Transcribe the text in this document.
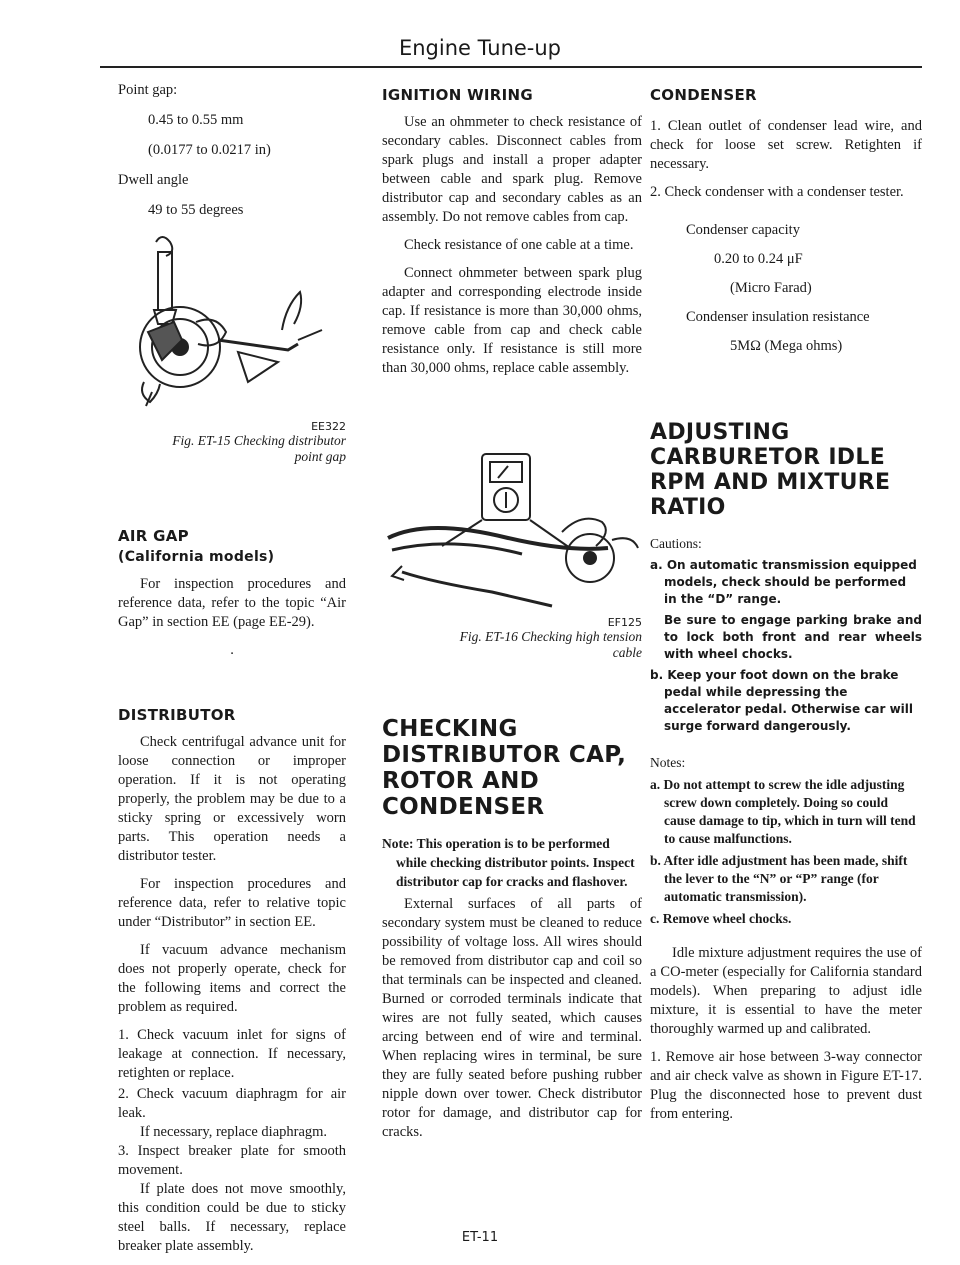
Engine Tune-up

Point gap:

0.45 to 0.55 mm

(0.0177 to 0.0217 in)

Dwell angle

49 to 55 degrees

EE322
Fig. ET-15 Checking distributor
point gap
AIR GAP
(California models)

For inspection procedures and reference data, refer to the topic “Air Gap” in section EE (page EE-29).

.

DISTRIBUTOR

Check centrifugal advance unit for loose connection or improper operation. If it is not operating properly, the problem may be due to a sticky spring or excessively worn parts. This operation needs a distributor tester.

For inspection procedures and reference data, refer to relative topic under “Distributor” in section EE.

If vacuum advance mechanism does not properly operate, check for the following items and correct the problem as required.

1. Check vacuum inlet for signs of leakage at connection. If necessary, retighten or replace.

2. Check vacuum diaphragm for air leak.

If necessary, replace diaphragm.

3. Inspect breaker plate for smooth movement.

If plate does not move smoothly, this condition could be due to sticky steel balls. If necessary, replace breaker plate assembly.

IGNITION WIRING

Use an ohmmeter to check resistance of secondary cables. Disconnect cables from spark plugs and install a proper adapter between cable and spark plug. Remove distributor cap and secondary cables as an assembly. Do not remove cables from cap.

Check resistance of one cable at a time.

Connect ohmmeter between spark plug adapter and corresponding electrode inside cap. If resistance is more than 30,000 ohms, remove cable from cap and check cable resistance only. If resistance is still more than 30,000 ohms, replace cable assembly.

EF125
Fig. ET-16 Checking high tension
cable
CHECKING
DISTRIBUTOR CAP,
ROTOR AND
CONDENSER

Note: This operation is to be performed while checking distributor points. Inspect distributor cap for cracks and flashover.

External surfaces of all parts of secondary system must be cleaned to reduce possibility of voltage loss. All wires should be removed from distributor cap and coil so that terminals can be inspected and cleaned. Burned or corroded terminals indicate that wires are not fully seated, which causes arcing between end of wire and terminal. When replacing wires in terminal, be sure they are fully seated before pushing rubber nipple down over tower. Check distributor rotor for damage, and distributor cap for cracks.

CONDENSER

1. Clean outlet of condenser lead wire, and check for loose set screw. Retighten if necessary.

2. Check condenser with a condenser tester.

Condenser capacity

0.20 to 0.24 μF

(Micro Farad)

Condenser insulation resistance

5MΩ (Mega ohms)

ADJUSTING
CARBURETOR IDLE
RPM AND MIXTURE
RATIO

Cautions:

a. On automatic transmission equipped models, check should be performed in the “D” range.

Be sure to engage parking brake and to lock both front and rear wheels with wheel chocks.

b. Keep your foot down on the brake pedal while depressing the accelerator pedal. Otherwise car will surge forward dangerously.

Notes:

a. Do not attempt to screw the idle adjusting screw down completely. Doing so could cause damage to tip, which in turn will tend to cause malfunctions.

b. After idle adjustment has been made, shift the lever to the “N” or “P” range (for automatic transmission).

c. Remove wheel chocks.

Idle mixture adjustment requires the use of a CO-meter (especially for California standard models). When preparing to adjust idle mixture, it is essential to have the meter thoroughly warmed up and calibrated.

1. Remove air hose between 3-way connector and air check valve as shown in Figure ET-17. Plug the disconnected hose to prevent dust from entering.

ET-11
